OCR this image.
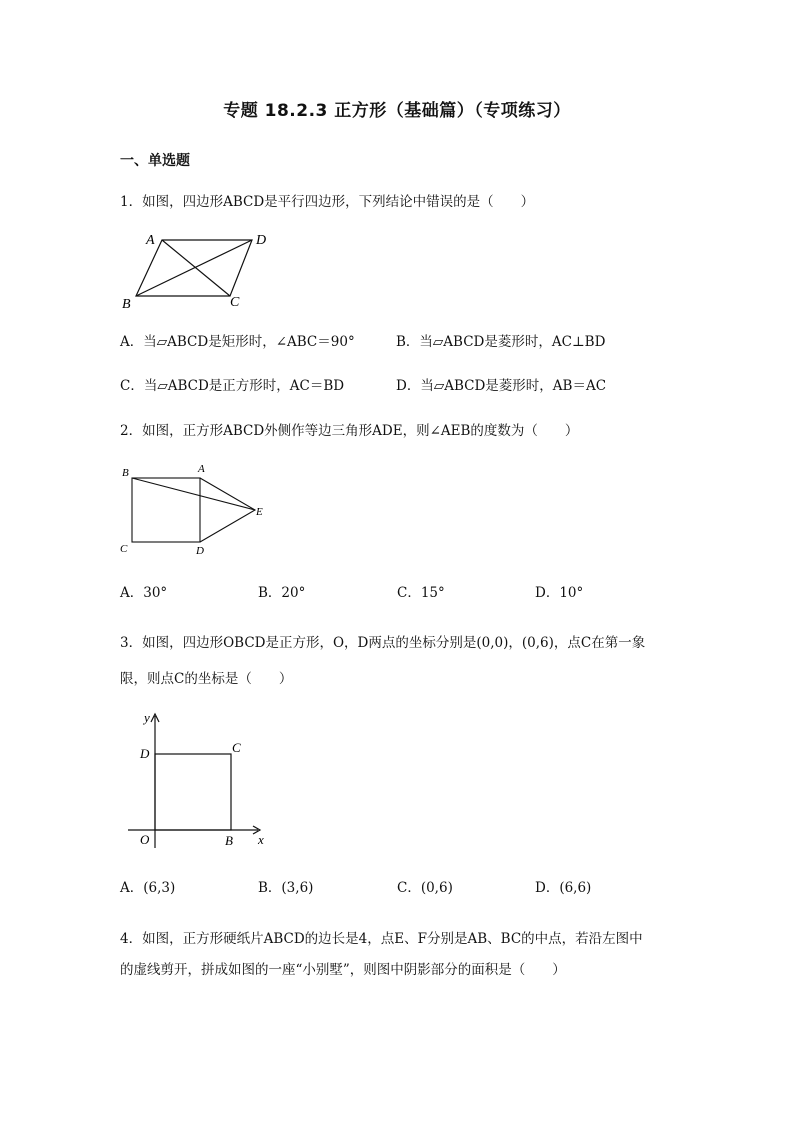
专题 18.2.3 正方形（基础篇）（专项练习）
一、单选题
1．如图，四边形ABCD是平行四边形，下列结论中错误的是（　　）
A	D
B	C
A．当▱ABCD是矩形时，∠ABC＝90°	B．当▱ABCD是菱形时，AC⊥BD
C．当▱ABCD是正方形时，AC＝BD	D．当▱ABCD是菱形时，AB＝AC
2．如图，正方形ABCD外侧作等边三角形ADE，则∠AEB的度数为（　　）
B	A
E
C	D
A．30°	B．20°	C．15°	D．10°
3．如图，四边形OBCD是正方形，O，D两点的坐标分别是(0,0)，(0,6)，点C在第一象
限，则点C的坐标是（　　）
y
x
O	B
C
D
A．(6,3)	B．(3,6)	C．(0,6)	D．(6,6)
4．如图，正方形硬纸片ABCD的边长是4，点E、F分别是AB、BC的中点，若沿左图中
的虚线剪开，拼成如图的一座“小别墅”，则图中阴影部分的面积是（　　）
